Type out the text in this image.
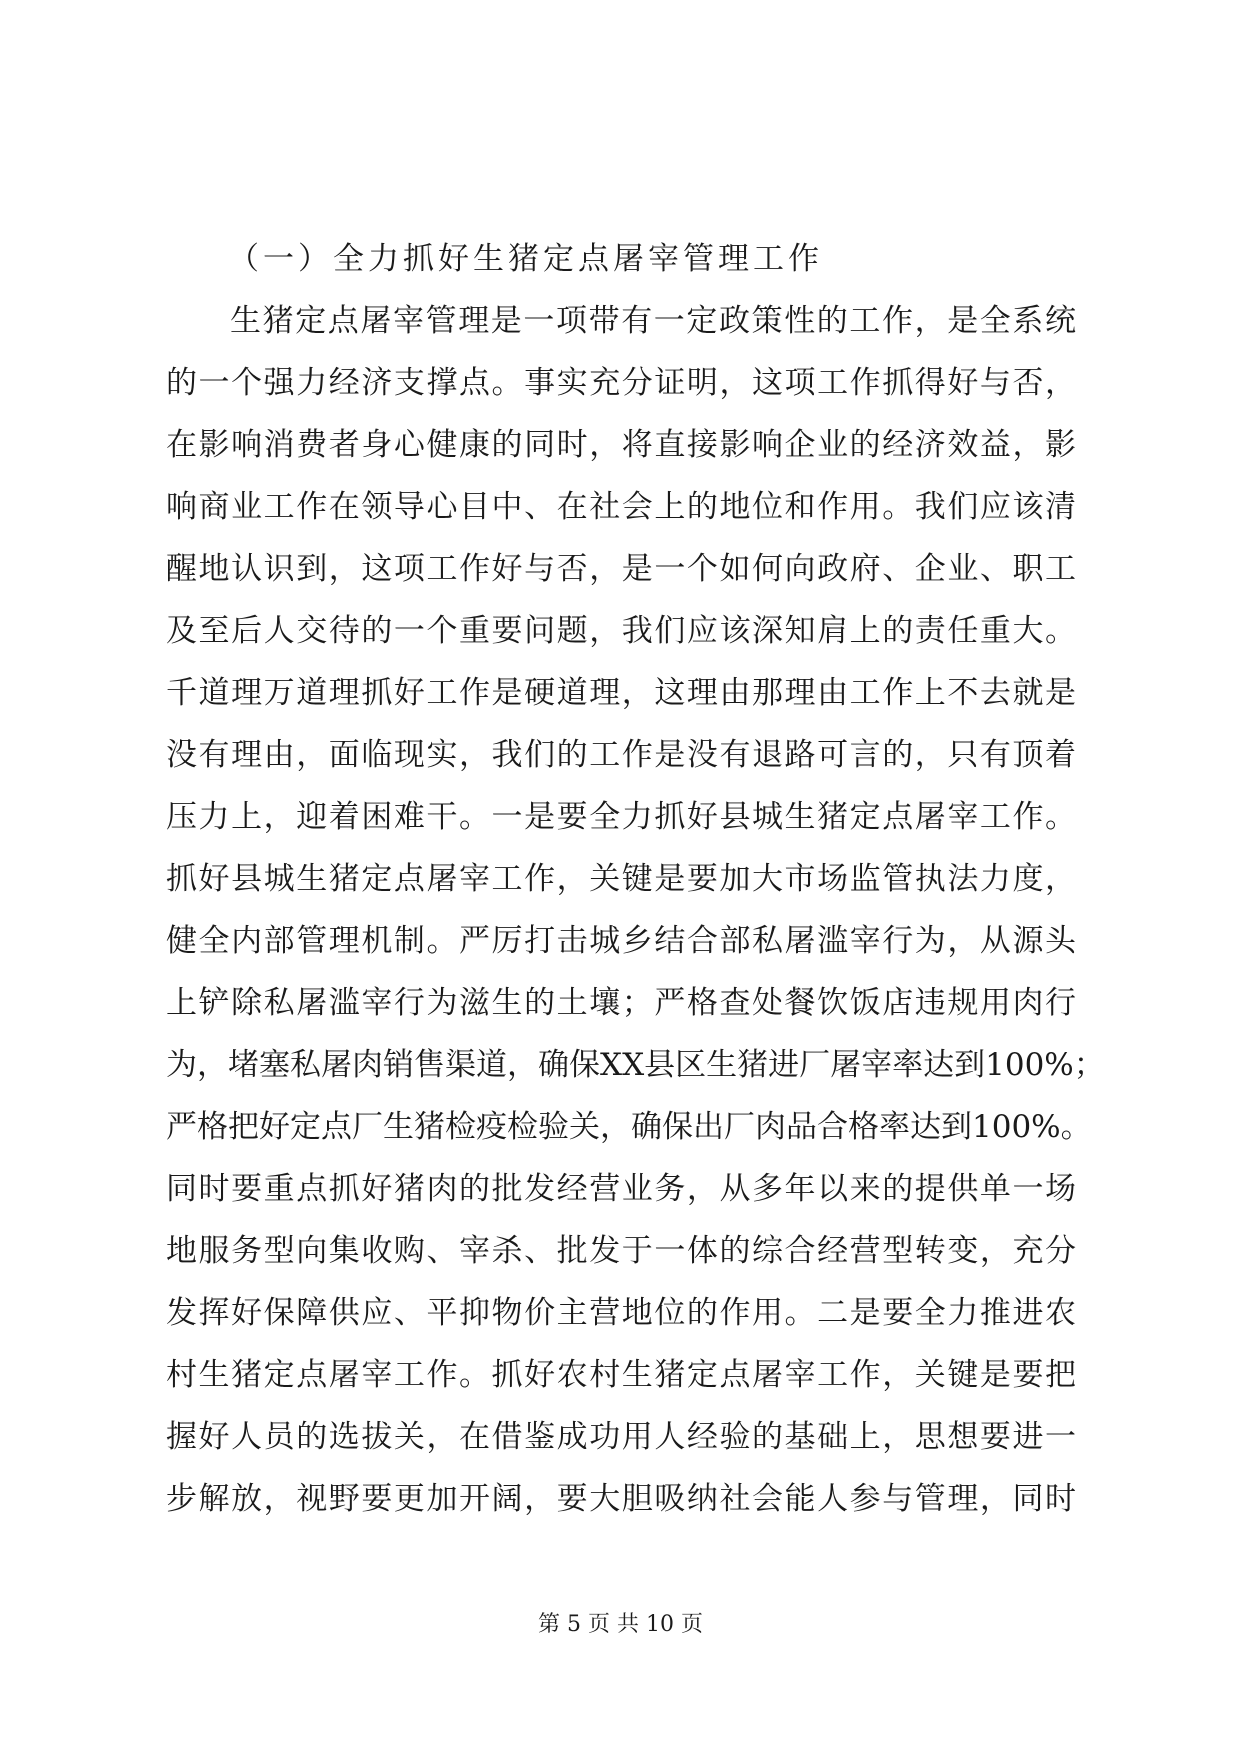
（一）全力抓好生猪定点屠宰管理工作

生猪定点屠宰管理是一项带有一定政策性的工作，是全系统
的一个强力经济支撑点。事实充分证明，这项工作抓得好与否，
在影响消费者身心健康的同时，将直接影响企业的经济效益，影
响商业工作在领导心目中、在社会上的地位和作用。我们应该清
醒地认识到，这项工作好与否，是一个如何向政府、企业、职工
及至后人交待的一个重要问题，我们应该深知肩上的责任重大。
千道理万道理抓好工作是硬道理，这理由那理由工作上不去就是
没有理由，面临现实，我们的工作是没有退路可言的，只有顶着
压力上，迎着困难干。一是要全力抓好县城生猪定点屠宰工作。
抓好县城生猪定点屠宰工作，关键是要加大市场监管执法力度，
健全内部管理机制。严厉打击城乡结合部私屠滥宰行为，从源头
上铲除私屠滥宰行为滋生的土壤；严格查处餐饮饭店违规用肉行
为，堵塞私屠肉销售渠道，确保XX县区生猪进厂屠宰率达到100%；
严格把好定点厂生猪检疫检验关，确保出厂肉品合格率达到100%。
同时要重点抓好猪肉的批发经营业务，从多年以来的提供单一场
地服务型向集收购、宰杀、批发于一体的综合经营型转变，充分
发挥好保障供应、平抑物价主营地位的作用。二是要全力推进农
村生猪定点屠宰工作。抓好农村生猪定点屠宰工作，关键是要把
握好人员的选拔关，在借鉴成功用人经验的基础上，思想要进一
步解放，视野要更加开阔，要大胆吸纳社会能人参与管理，同时
第 5 页 共 10 页
